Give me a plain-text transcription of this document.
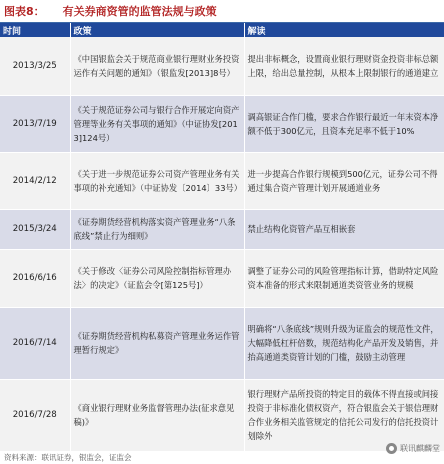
图表8： 有关券商资管的监管法规与政策
时间	政策	解读
2013/3/25	《中国银监会关于规范商业银行理财业务投资运作有关问题的通知》（银监发[2013]8号）	提出非标概念，设置商业银行理财资金投资非标总额上限，给出总量控制，从根本上限制银行的通道建立
2013/7/19	《关于规范证券公司与银行合作开展定向资产管理等业务有关事项的通知》（中证协发[2013]124号）	调高银证合作门槛，要求合作银行最近一年末资本净额不低于300亿元，且资本充足率不低于10%
2014/2/12	《关于进一步规范证券公司资产管理业务有关事项的补充通知》（中证协发〔2014〕33号）	进一步提高合作银行规模到500亿元，证券公司不得通过集合资产管理计划开展通道业务
2015/3/24	《证券期货经营机构落实资产管理业务“八条底线”禁止行为细则》	禁止结构化资管产品互相嵌套
2016/6/16	《关于修改〈证券公司风险控制指标管理办法〉的决定》（证监会令[第125号]）	调整了证券公司的风险管理指标计算，借助特定风险资本准备的形式来限制通道类资管业务的规模
2016/7/14	《证券期货经营机构私募资产管理业务运作管理暂行规定》	明确将“八条底线”规则升级为证监会的规范性文件，大幅降低杠杆倍数，规范结构化产品开发及销售，并抬高通道类资管计划的门槛，鼓励主动管理
2016/7/28	《商业银行理财业务监督管理办法(征求意见稿)》	银行理财产品所投资的特定目的载体不得直接或间接投资于非标准化债权资产，符合银监会关于银信理财合作业务相关监管规定的信托公司发行的信托投资计划除外
资料来源：联讯证券，银监会，证监会
联讯麒麟堂
